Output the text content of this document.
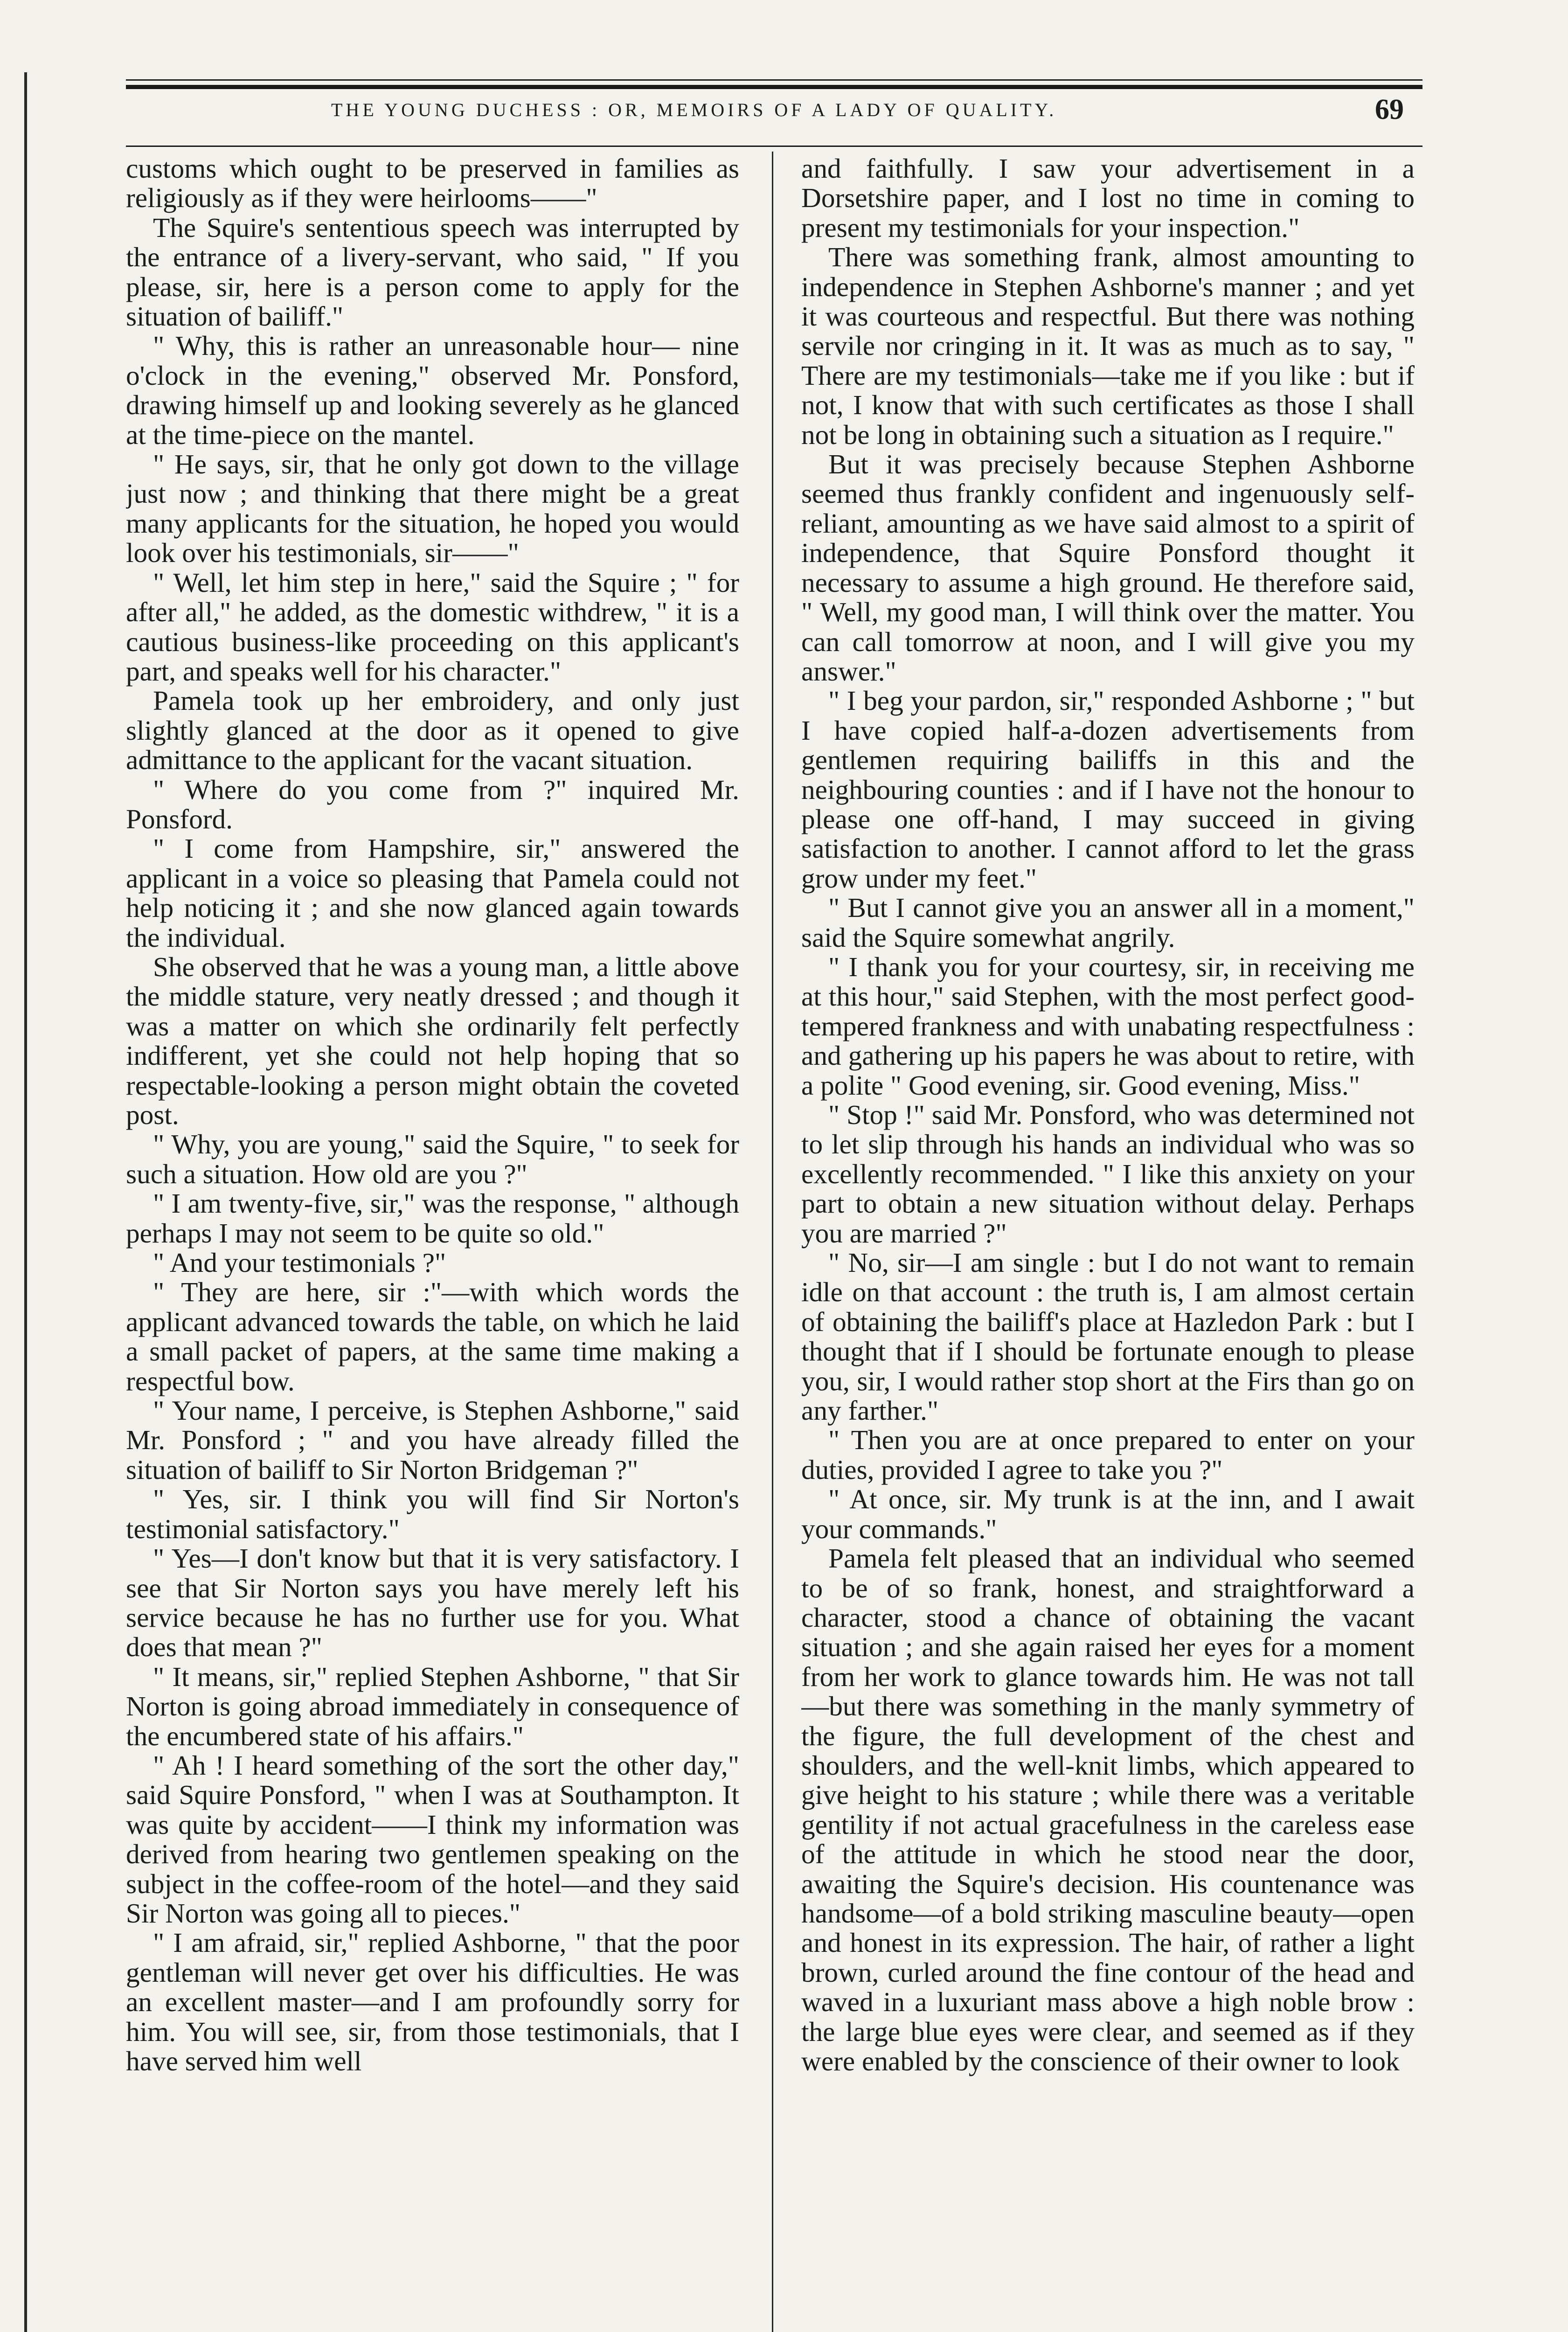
THE YOUNG DUCHESS : OR, MEMOIRS OF A LADY OF QUALITY.	69

customs which ought to be preserved in families as religiously as if they were heirlooms——"

The Squire's sententious speech was interrupted by the entrance of a livery-servant, who said, " If you please, sir, here is a person come to apply for the situation of bailiff."

" Why, this is rather an unreasonable hour— nine o'clock in the evening," observed Mr. Ponsford, drawing himself up and looking severely as he glanced at the time-piece on the mantel.

" He says, sir, that he only got down to the village just now ; and thinking that there might be a great many applicants for the situation, he hoped you would look over his testimonials, sir——"

" Well, let him step in here," said the Squire ; " for after all," he added, as the domestic withdrew, " it is a cautious business-like proceeding on this applicant's part, and speaks well for his character."

Pamela took up her embroidery, and only just slightly glanced at the door as it opened to give admittance to the applicant for the vacant situation.

" Where do you come from ?" inquired Mr. Ponsford.

" I come from Hampshire, sir," answered the applicant in a voice so pleasing that Pamela could not help noticing it ; and she now glanced again towards the individual.

She observed that he was a young man, a little above the middle stature, very neatly dressed ; and though it was a matter on which she ordinarily felt perfectly indifferent, yet she could not help hoping that so respectable-looking a person might obtain the coveted post.

" Why, you are young," said the Squire, " to seek for such a situation. How old are you ?"

" I am twenty-five, sir," was the response, " although perhaps I may not seem to be quite so old."

" And your testimonials ?"

" They are here, sir :"—with which words the applicant advanced towards the table, on which he laid a small packet of papers, at the same time making a respectful bow.

" Your name, I perceive, is Stephen Ashborne," said Mr. Ponsford ; " and you have already filled the situation of bailiff to Sir Norton Bridgeman ?"

" Yes, sir. I think you will find Sir Norton's testimonial satisfactory."

" Yes—I don't know but that it is very satisfactory. I see that Sir Norton says you have merely left his service because he has no further use for you. What does that mean ?"

" It means, sir," replied Stephen Ashborne, " that Sir Norton is going abroad immediately in consequence of the encumbered state of his affairs."

" Ah ! I heard something of the sort the other day," said Squire Ponsford, " when I was at Southampton. It was quite by accident——I think my information was derived from hearing two gentlemen speaking on the subject in the coffee-room of the hotel—and they said Sir Norton was going all to pieces."

" I am afraid, sir," replied Ashborne, " that the poor gentleman will never get over his difficulties. He was an excellent master—and I am profoundly sorry for him. You will see, sir, from those testimonials, that I have served him well

and faithfully. I saw your advertisement in a Dorsetshire paper, and I lost no time in coming to present my testimonials for your inspection."

There was something frank, almost amounting to independence in Stephen Ashborne's manner ; and yet it was courteous and respectful. But there was nothing servile nor cringing in it. It was as much as to say, " There are my testimonials—take me if you like : but if not, I know that with such certificates as those I shall not be long in obtaining such a situation as I require."

But it was precisely because Stephen Ashborne seemed thus frankly confident and ingenuously self-reliant, amounting as we have said almost to a spirit of independence, that Squire Ponsford thought it necessary to assume a high ground. He therefore said, " Well, my good man, I will think over the matter. You can call tomorrow at noon, and I will give you my answer."

" I beg your pardon, sir," responded Ashborne ; " but I have copied half-a-dozen advertisements from gentlemen requiring bailiffs in this and the neighbouring counties : and if I have not the honour to please one off-hand, I may succeed in giving satisfaction to another. I cannot afford to let the grass grow under my feet."

" But I cannot give you an answer all in a moment," said the Squire somewhat angrily.

" I thank you for your courtesy, sir, in receiving me at this hour," said Stephen, with the most perfect good-tempered frankness and with unabating respectfulness : and gathering up his papers he was about to retire, with a polite " Good evening, sir. Good evening, Miss."

" Stop !" said Mr. Ponsford, who was determined not to let slip through his hands an individual who was so excellently recommended. " I like this anxiety on your part to obtain a new situation without delay. Perhaps you are married ?"

" No, sir—I am single : but I do not want to remain idle on that account : the truth is, I am almost certain of obtaining the bailiff's place at Hazledon Park : but I thought that if I should be fortunate enough to please you, sir, I would rather stop short at the Firs than go on any farther."

" Then you are at once prepared to enter on your duties, provided I agree to take you ?"

" At once, sir. My trunk is at the inn, and I await your commands."

Pamela felt pleased that an individual who seemed to be of so frank, honest, and straightforward a character, stood a chance of obtaining the vacant situation ; and she again raised her eyes for a moment from her work to glance towards him. He was not tall—but there was something in the manly symmetry of the figure, the full development of the chest and shoulders, and the well-knit limbs, which appeared to give height to his stature ; while there was a veritable gentility if not actual gracefulness in the careless ease of the attitude in which he stood near the door, awaiting the Squire's decision. His countenance was handsome—of a bold striking masculine beauty—open and honest in its expression. The hair, of rather a light brown, curled around the fine contour of the head and waved in a luxuriant mass above a high noble brow : the large blue eyes were clear, and seemed as if they were enabled by the conscience of their owner to look
